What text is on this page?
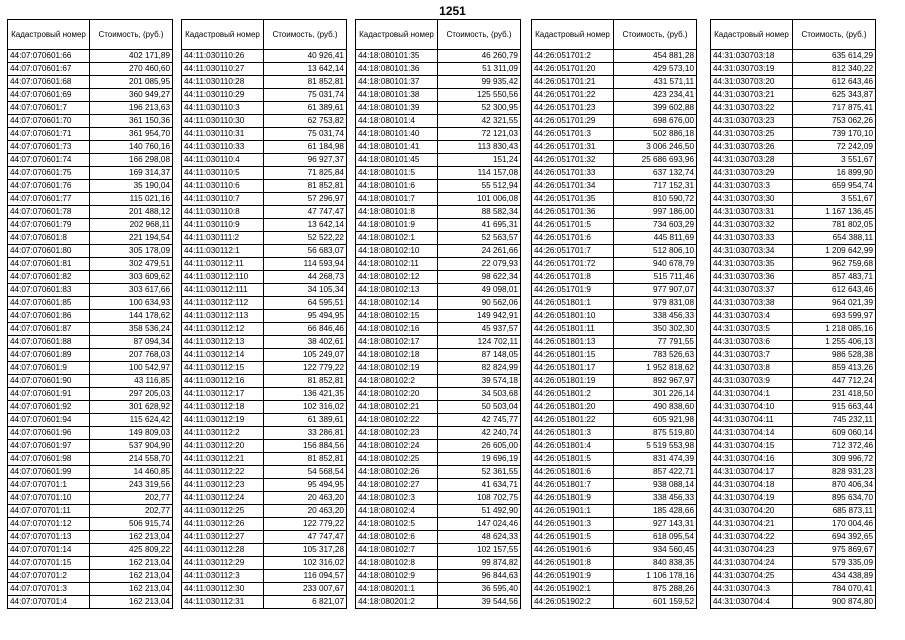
1251
Кадастровый номер	Стоимость, (руб.)
44:07:070601:66	402 171,89
44:07:070601:67	270 460,60
44:07:070601:68	201 085,95
44:07:070601:69	360 949,27
44:07:070601:7	196 213,63
44:07:070601:70	361 150,36
44:07:070601:71	361 954,70
44:07:070601:73	140 760,16
44:07:070601:74	166 298,08
44:07:070601:75	169 314,37
44:07:070601:76	35 190,04
44:07:070601:77	115 021,16
44:07:070601:78	201 488,12
44:07:070601:79	202 968,11
44:07:070601:8	221 194,54
44:07:070601:80	305 178,09
44:07:070601:81	302 479,51
44:07:070601:82	303 609,62
44:07:070601:83	303 617,66
44:07:070601:85	100 634,93
44:07:070601:86	144 178,62
44:07:070601:87	358 536,24
44:07:070601:88	87 094,34
44:07:070601:89	207 768,03
44:07:070601:9	100 542,97
44:07:070601:90	43 116,85
44:07:070601:91	297 205,03
44:07:070601:92	301 628,92
44:07:070601:94	115 624,42
44:07:070601:96	149 809,03
44:07:070601:97	537 904,90
44:07:070601:98	214 558,70
44:07:070601:99	14 460,85
44:07:070701:1	243 319,56
44:07:070701:10	202,77
44:07:070701:11	202,77
44:07:070701:12	506 915,74
44:07:070701:13	162 213,04
44:07:070701:14	425 809,22
44:07:070701:15	162 213,04
44:07:070701:2	162 213,04
44:07:070701:3	162 213,04
44:07:070701:4	162 213,04
Кадастровый номер	Стоимость, (руб.)
44:11:030110:26	40 926,41
44:11:030110:27	13 642,14
44:11:030110:28	81 852,81
44:11:030110:29	75 031,74
44:11:030110:3	61 389,61
44:11:030110:30	62 753,82
44:11:030110:31	75 031,74
44:11:030110:33	61 184,98
44:11:030110:4	96 927,37
44:11:030110:5	71 825,84
44:11:030110:6	81 852,81
44:11:030110:7	57 296,97
44:11:030110:8	47 747,47
44:11:030110:9	13 642,14
44:11:030111:2	52 522,22
44:11:030112:1	56 683,07
44:11:030112:11	114 593,94
44:11:030112:110	44 268,73
44:11:030112:111	34 105,34
44:11:030112:112	64 595,51
44:11:030112:113	95 494,95
44:11:030112:12	66 846,46
44:11:030112:13	38 402,61
44:11:030112:14	105 249,07
44:11:030112:15	122 779,22
44:11:030112:16	81 852,81
44:11:030112:17	136 421,35
44:11:030112:18	102 316,02
44:11:030112:19	61 389,61
44:11:030112:2	33 286,81
44:11:030112:20	156 884,56
44:11:030112:21	81 852,81
44:11:030112:22	54 568,54
44:11:030112:23	95 494,95
44:11:030112:24	20 463,20
44:11:030112:25	20 463,20
44:11:030112:26	122 779,22
44:11:030112:27	47 747,47
44:11:030112:28	105 317,28
44:11:030112:29	102 316,02
44:11:030112:3	116 094,57
44:11:030112:30	233 007,67
44:11:030112:31	6 821,07
Кадастровый номер	Стоимость, (руб.)
44:18:080101:35	46 260,79
44:18:080101:36	51 311,09
44:18:080101:37	99 935,42
44:18:080101:38	125 550,56
44:18:080101:39	52 300,95
44:18:080101:4	42 321,55
44:18:080101:40	72 121,03
44:18:080101:41	113 830,43
44:18:080101:45	151,24
44:18:080101:5	114 157,08
44:18:080101:6	55 512,94
44:18:080101:7	101 006,08
44:18:080101:8	88 582,34
44:18:080101:9	41 695,31
44:18:080102:1	52 563,57
44:18:080102:10	24 261,66
44:18:080102:11	22 079,93
44:18:080102:12	98 622,34
44:18:080102:13	49 098,01
44:18:080102:14	90 562,06
44:18:080102:15	149 942,91
44:18:080102:16	45 937,57
44:18:080102:17	124 702,11
44:18:080102:18	87 148,05
44:18:080102:19	82 824,99
44:18:080102:2	39 574,18
44:18:080102:20	34 503,68
44:18:080102:21	50 503,04
44:18:080102:22	42 745,77
44:18:080102:23	42 240,74
44:18:080102:24	26 605,00
44:18:080102:25	19 696,19
44:18:080102:26	52 361,55
44:18:080102:27	41 634,71
44:18:080102:3	108 702,75
44:18:080102:4	51 492,90
44:18:080102:5	147 024,46
44:18:080102:6	48 624,33
44:18:080102:7	102 157,55
44:18:080102:8	99 874,82
44:18:080102:9	96 844,63
44:18:080201:1	36 595,40
44:18:080201:2	39 544,56
Кадастровый номер	Стоимость, (руб.)
44:26:051701:2	454 881,28
44:26:051701:20	429 573,10
44:26:051701:21	431 571,11
44:26:051701:22	423 234,41
44:26:051701:23	399 602,88
44:26:051701:29	698 676,00
44:26:051701:3	502 886,18
44:26:051701:31	3 006 246,50
44:26:051701:32	25 686 693,96
44:26:051701:33	637 132,74
44:26:051701:34	717 152,31
44:26:051701:35	810 590,72
44:26:051701:36	997 186,00
44:26:051701:5	734 603,29
44:26:051701:6	445 811,69
44:26:051701:7	512 806,10
44:26:051701:72	940 678,79
44:26:051701:8	515 711,46
44:26:051701:9	977 907,07
44:26:051801:1	979 831,08
44:26:051801:10	338 456,33
44:26:051801:11	350 302,30
44:26:051801:13	77 791,55
44:26:051801:15	783 526,63
44:26:051801:17	1 952 818,62
44:26:051801:19	892 967,97
44:26:051801:2	301 226,14
44:26:051801:20	490 838,60
44:26:051801:22	605 921,98
44:26:051801:3	875 519,80
44:26:051801:4	5 519 553,98
44:26:051801:5	831 474,39
44:26:051801:6	857 422,71
44:26:051801:7	938 088,14
44:26:051801:9	338 456,33
44:26:051901:1	185 428,66
44:26:051901:3	927 143,31
44:26:051901:5	618 095,54
44:26:051901:6	934 560,45
44:26:051901:8	840 838,35
44:26:051901:9	1 106 178,16
44:26:051902:1	875 288,26
44:26:051902:2	601 159,52
Кадастровый номер	Стоимость, (руб.)
44:31:030703:18	635 614,29
44:31:030703:19	812 340,22
44:31:030703:20	612 643,46
44:31:030703:21	625 343,87
44:31:030703:22	717 875,41
44:31:030703:23	753 062,26
44:31:030703:25	739 170,10
44:31:030703:26	72 242,09
44:31:030703:28	3 551,67
44:31:030703:29	16 899,90
44:31:030703:3	659 954,74
44:31:030703:30	3 551,67
44:31:030703:31	1 167 136,45
44:31:030703:32	781 802,05
44:31:030703:33	654 388,11
44:31:030703:34	1 209 642,99
44:31:030703:35	962 759,68
44:31:030703:36	857 483,71
44:31:030703:37	612 643,46
44:31:030703:38	964 021,39
44:31:030703:4	693 599,97
44:31:030703:5	1 218 085,16
44:31:030703:6	1 255 406,13
44:31:030703:7	986 528,38
44:31:030703:8	859 413,26
44:31:030703:9	447 712,24
44:31:030704:1	231 418,50
44:31:030704:10	915 663,44
44:31:030704:11	745 232,11
44:31:030704:14	609 060,14
44:31:030704:15	712 372,46
44:31:030704:16	309 996,72
44:31:030704:17	828 931,23
44:31:030704:18	870 406,34
44:31:030704:19	895 634,70
44:31:030704:20	685 873,11
44:31:030704:21	170 004,46
44:31:030704:22	694 392,65
44:31:030704:23	975 869,67
44:31:030704:24	579 335,09
44:31:030704:25	434 438,89
44:31:030704:3	784 070,41
44:31:030704:4	900 874,80
